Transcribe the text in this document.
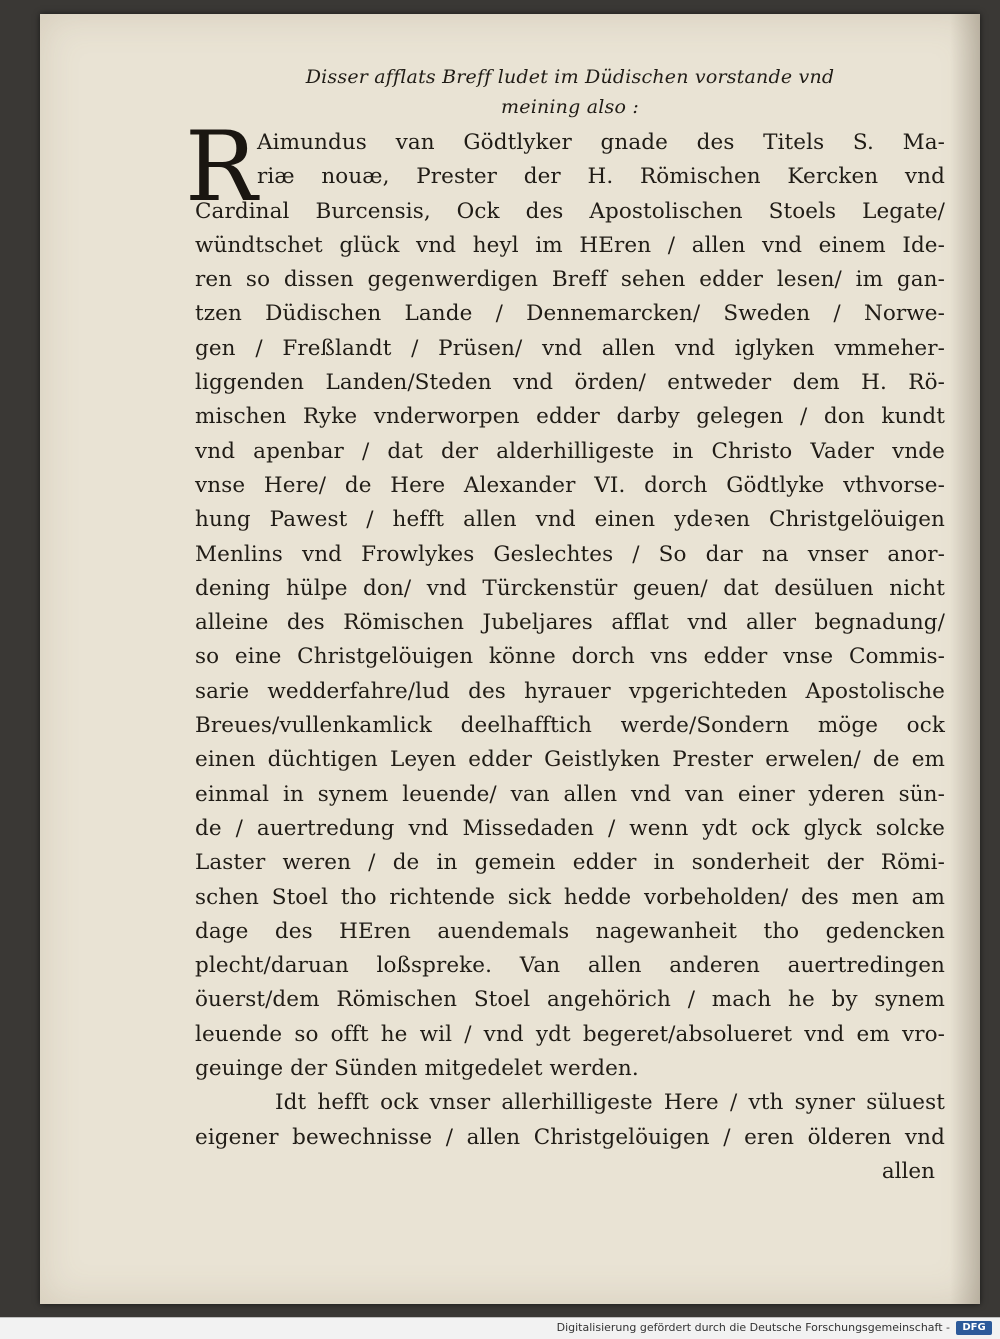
Disser afflats Breff ludet im Düdischen vorstande vnd
meining also :
R Aimundus van Gödtlyker gnade des Titels S. Ma-
riæ nouæ, Prester der H. Römischen Kercken vnd
Cardinal Burcensis, Ock des Apostolischen Stoels Legate/
wündtschet glück vnd heyl im HEren / allen vnd einem Ide-
ren so dissen gegenwerdigen Breff sehen edder lesen/ im gan-
tzen Düdischen Lande / Dennemarcken/ Sweden / Norwe-
gen / Freßlandt / Prüsen/ vnd allen vnd iglyken vmmeher-
liggenden Landen/Steden vnd örden/ entweder dem H. Rö-
mischen Ryke vnderworpen edder darby gelegen / don kundt
vnd apenbar / dat der alderhilligeste in Christo Vader vnde
vnse Here/ de Here Alexander VI. dorch Gödtlyke vthvorse-
hung Pawest / hefft allen vnd einen ydeꝛen Christgelöuigen
Menlins vnd Frowlykes Geslechtes / So dar na vnser anor-
dening hülpe don/ vnd Türckenstür geuen/ dat desüluen nicht
alleine des Römischen Jubeljares afflat vnd aller begnadung/
so eine Christgelöuigen könne dorch vns edder vnse Commis-
sarie wedderfahre/lud des hyrauer vpgerichteden Apostolische
Breues/vullenkamlick deelhafftich werde/Sondern möge ock
einen düchtigen Leyen edder Geistlyken Prester erwelen/ de em
einmal in synem leuende/ van allen vnd van einer yderen sün-
de / auertredung vnd Missedaden / wenn ydt ock glyck solcke
Laster weren / de in gemein edder in sonderheit der Römi-
schen Stoel tho richtende sick hedde vorbeholden/ des men am
dage des HEren auendemals nagewanheit tho gedencken
plecht/daruan loßspreke. Van allen anderen auertredingen
öuerst/dem Römischen Stoel angehörich / mach he by synem
leuende so offt he wil / vnd ydt begeret/absolueret vnd em vro-
geuinge der Sünden mitgedelet werden.
Idt hefft ock vnser allerhilligeste Here / vth syner süluest
eigener bewechnisse / allen Christgelöuigen / eren ölderen vnd
allen
Digitalisierung gefördert durch die Deutsche Forschungsgemeinschaft -	DFG
